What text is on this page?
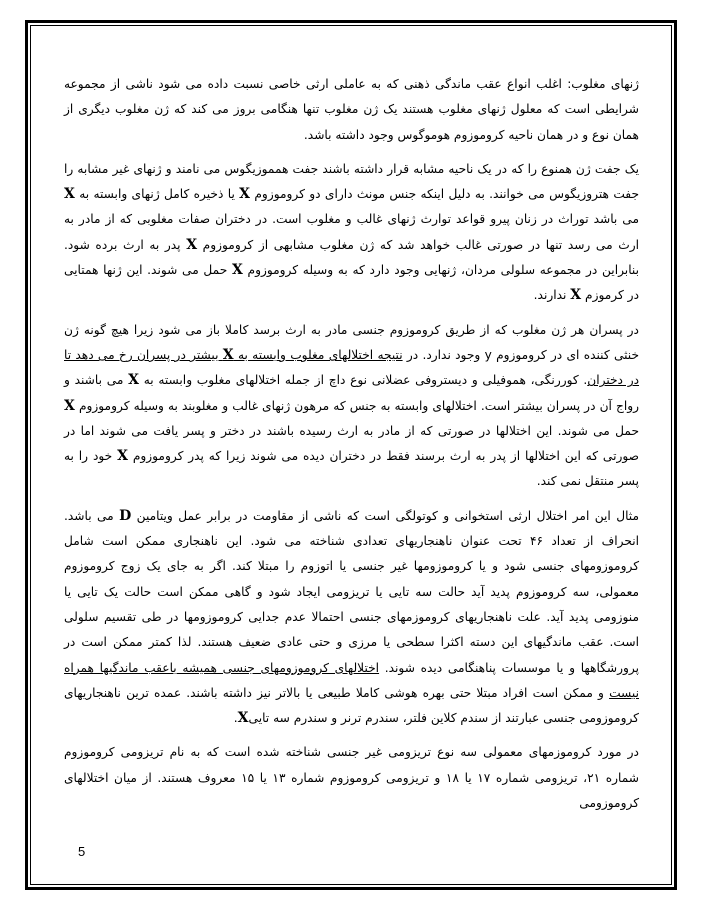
ژنهای مغلوب: اغلب انواع عقب ماندگی ذهنی که به عاملی ارثی خاصی نسبت داده می شود ناشی از مجموعه شرایطی است که معلول ژنهای مغلوب هستند یک ژن مغلوب تنها هنگامی بروز می کند که ژن مغلوب دیگری از همان نوع و در همان ناحیه کروموزوم هوموگوس وجود داشته باشد.

یک جفت ژن همنوع را که در یک ناحیه مشابه قرار داشته باشند جفت همموزیگوس می نامند و ژنهای غیر مشابه را جفت هتروزیگوس می خوانند. به دلیل اینکه جنس مونث دارای دو کروموزوم X یا ذخیره کامل ژنهای وابسته به X می باشد توراث در زنان پیرو قواعد توارث ژنهای غالب و مغلوب است. در دختران صفات مغلوبی که از مادر به ارث می رسد تنها در صورتی غالب خواهد شد که ژن مغلوب مشابهی از کروموزوم X پدر به ارث برده شود. بنابراین در مجموعه سلولی مردان، ژنهایی وجود دارد که به وسیله کروموزوم X حمل می شوند. این ژنها همتایی در کرموزم X ندارند.

در پسران هر ژن مغلوب که از طریق کروموزوم جنسی مادر به ارث برسد کاملا باز می شود زیرا هیچ گونه ژن خنثی کننده ای در کروموزوم y وجود ندارد. در نتیجه اختلالهای مغلوب وابسته به X بیشتر در پسران رخ می دهد تا در دختران. کوررنگی، هموفیلی و دیستروفی عضلانی نوع داچ از جمله اختلالهای مغلوب وابسته به X می باشند و رواج آن در پسران بیشتر است. اختلالهای وابسته به جنس که مرهون ژنهای غالب و مغلوبند به وسیله کروموزوم X حمل می شوند. این اختلالها در صورتی که از مادر به ارث رسیده باشند در دختر و پسر یافت می شوند اما در صورتی که این اختلالها از پدر به ارث برسند فقط در دختران دیده می شوند زیرا که پدر کروموزوم X خود را به پسر منتقل نمی کند.

مثال این امر اختلال ارثی استخوانی و کوتولگی است که ناشی از مقاومت در برابر عمل ویتامین D می باشد. انحراف از تعداد ۴۶ تحت عنوان ناهنجاریهای تعدادی شناخته می شود. این ناهنجاری ممکن است شامل کروموزومهای جنسی شود و یا کروموزومها غیر جنسی یا اتوزوم را مبتلا کند. اگر به جای یک زوج کروموزوم معمولی، سه کروموزوم پدید آید حالت سه تایی یا تریزومی ایجاد شود و گاهی ممکن است حالت یک تایی یا منوزومی پدید آید. علت ناهنجاریهای کروموزمهای جنسی احتمالا عدم جدایی کروموزومها در طی تقسیم سلولی است. عقب ماندگیهای این دسته اکثرا سطحی یا مرزی و حتی عادی ضعیف هستند. لذا کمتر ممکن است در پرورشگاهها و یا موسسات پناهنگامی دیده شوند. اختلالهای کروموزومهای جنسی همیشه باعقب ماندگیها همراه نیست و ممکن است افراد مبتلا حتی بهره هوشی کاملا طبیعی یا بالاتر نیز داشته باشند. عمده ترین ناهنجاریهای کروموزومی جنسی عبارتند از سندم کلاین فلتر، سندرم ترنر و سندرم سه تاییX.

در مورد کروموزمهای معمولی سه نوع تریزومی غیر جنسی شناخته شده است که به نام تریزومی کروموزوم شماره ۲۱، تریزومی شماره ۱۷ یا ۱۸ و تریزومی کروموزوم شماره ۱۳ یا ۱۵ معروف هستند. از میان اختلالهای کروموزومی

5
